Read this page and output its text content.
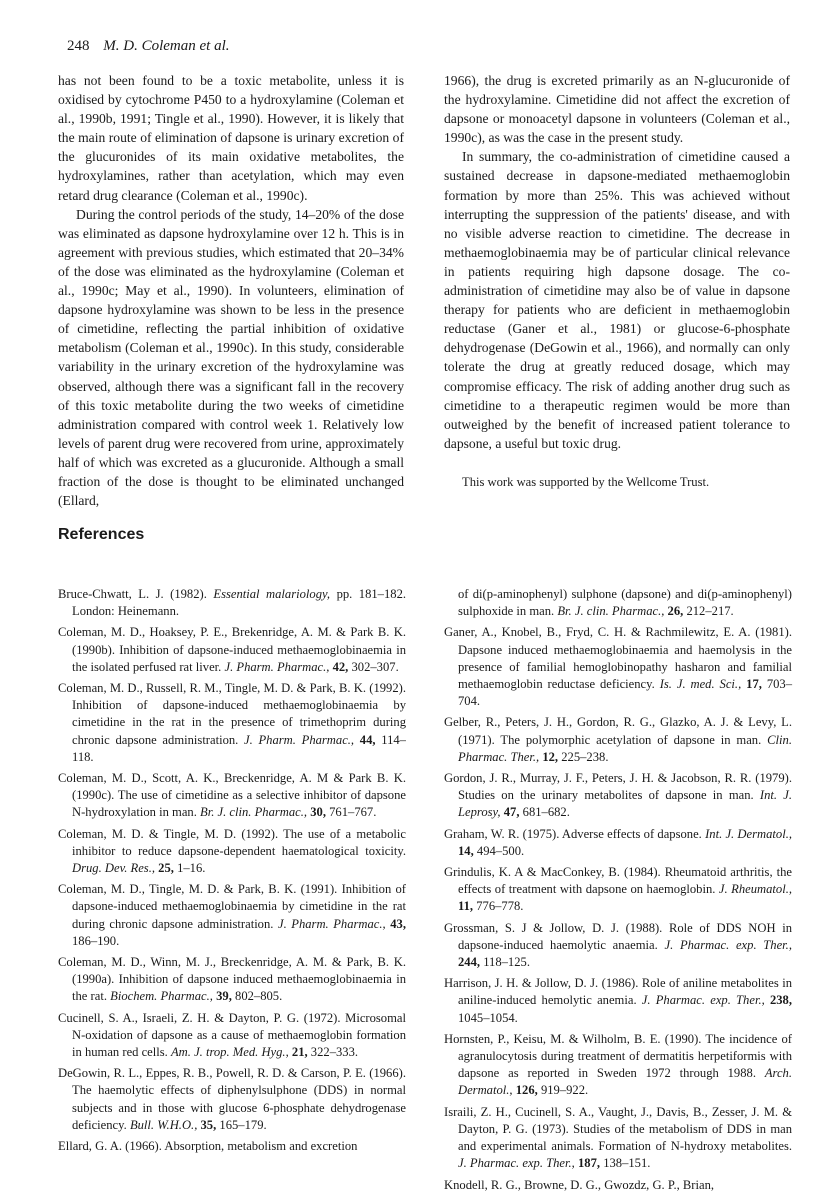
248 M. D. Coleman et al.

has not been found to be a toxic metabolite, unless it is oxidised by cytochrome P450 to a hydroxylamine (Coleman et al., 1990b, 1991; Tingle et al., 1990). However, it is likely that the main route of elimination of dapsone is urinary excretion of the glucuronides of its main oxidative metabolites, the hydroxylamines, rather than acetylation, which may even retard drug clearance (Coleman et al., 1990c).

During the control periods of the study, 14–20% of the dose was eliminated as dapsone hydroxylamine over 12 h. This is in agreement with previous studies, which estimated that 20–34% of the dose was eliminated as the hydroxylamine (Coleman et al., 1990c; May et al., 1990). In volunteers, elimination of dapsone hydroxylamine was shown to be less in the presence of cimetidine, reflecting the partial inhibition of oxidative metabolism (Coleman et al., 1990c). In this study, considerable variability in the urinary excretion of the hydroxylamine was observed, although there was a significant fall in the recovery of this toxic metabolite during the two weeks of cimetidine administration compared with control week 1. Relatively low levels of parent drug were recovered from urine, approximately half of which was excreted as a glucuronide. Although a small fraction of the dose is thought to be eliminated unchanged (Ellard,

1966), the drug is excreted primarily as an N-glucuronide of the hydroxylamine. Cimetidine did not affect the excretion of dapsone or monoacetyl dapsone in volunteers (Coleman et al., 1990c), as was the case in the present study.

In summary, the co-administration of cimetidine caused a sustained decrease in dapsone-mediated methaemoglobin formation by more than 25%. This was achieved without interrupting the suppression of the patients' disease, and with no visible adverse reaction to cimetidine. The decrease in methaemoglobinaemia may be of particular clinical relevance in patients requiring high dapsone dosage. The co-administration of cimetidine may also be of value in dapsone therapy for patients who are deficient in methaemoglobin reductase (Ganer et al., 1981) or glucose-6-phosphate dehydrogenase (DeGowin et al., 1966), and normally can only tolerate the drug at greatly reduced dosage, which may compromise efficacy. The risk of adding another drug such as cimetidine to a therapeutic regimen would be more than outweighed by the benefit of increased patient tolerance to dapsone, a useful but toxic drug.

This work was supported by the Wellcome Trust.

References
Bruce-Chwatt, L. J. (1982). Essential malariology, pp. 181–182. London: Heinemann.
Coleman, M. D., Hoaksey, P. E., Brekenridge, A. M. & Park B. K. (1990b). Inhibition of dapsone-induced methaemoglobinaemia in the isolated perfused rat liver. J. Pharm. Pharmac., 42, 302–307.
Coleman, M. D., Russell, R. M., Tingle, M. D. & Park, B. K. (1992). Inhibition of dapsone-induced methaemoglobinaemia by cimetidine in the rat in the presence of trimethoprim during chronic dapsone administration. J. Pharm. Pharmac., 44, 114–118.
Coleman, M. D., Scott, A. K., Breckenridge, A. M & Park B. K. (1990c). The use of cimetidine as a selective inhibitor of dapsone N-hydroxylation in man. Br. J. clin. Pharmac., 30, 761–767.
Coleman, M. D. & Tingle, M. D. (1992). The use of a metabolic inhibitor to reduce dapsone-dependent haematological toxicity. Drug. Dev. Res., 25, 1–16.
Coleman, M. D., Tingle, M. D. & Park, B. K. (1991). Inhibition of dapsone-induced methaemoglobinaemia by cimetidine in the rat during chronic dapsone administration. J. Pharm. Pharmac., 43, 186–190.
Coleman, M. D., Winn, M. J., Breckenridge, A. M. & Park, B. K. (1990a). Inhibition of dapsone induced methaemoglobinaemia in the rat. Biochem. Pharmac., 39, 802–805.
Cucinell, S. A., Israeli, Z. H. & Dayton, P. G. (1972). Microsomal N-oxidation of dapsone as a cause of methaemoglobin formation in human red cells. Am. J. trop. Med. Hyg., 21, 322–333.
DeGowin, R. L., Eppes, R. B., Powell, R. D. & Carson, P. E. (1966). The haemolytic effects of diphenylsulphone (DDS) in normal subjects and in those with glucose 6-phosphate dehydrogenase deficiency. Bull. W.H.O., 35, 165–179.
Ellard, G. A. (1966). Absorption, metabolism and excretion
of di(p-aminophenyl) sulphone (dapsone) and di(p-aminophenyl) sulphoxide in man. Br. J. clin. Pharmac., 26, 212–217.
Ganer, A., Knobel, B., Fryd, C. H. & Rachmilewitz, E. A. (1981). Dapsone induced methaemoglobinaemia and haemolysis in the presence of familial hemoglobinopathy hasharon and familial methaemoglobin reductase deficiency. Is. J. med. Sci., 17, 703–704.
Gelber, R., Peters, J. H., Gordon, R. G., Glazko, A. J. & Levy, L. (1971). The polymorphic acetylation of dapsone in man. Clin. Pharmac. Ther., 12, 225–238.
Gordon, J. R., Murray, J. F., Peters, J. H. & Jacobson, R. R. (1979). Studies on the urinary metabolites of dapsone in man. Int. J. Leprosy, 47, 681–682.
Graham, W. R. (1975). Adverse effects of dapsone. Int. J. Dermatol., 14, 494–500.
Grindulis, K. A & MacConkey, B. (1984). Rheumatoid arthritis, the effects of treatment with dapsone on haemoglobin. J. Rheumatol., 11, 776–778.
Grossman, S. J & Jollow, D. J. (1988). Role of DDS NOH in dapsone-induced haemolytic anaemia. J. Pharmac. exp. Ther., 244, 118–125.
Harrison, J. H. & Jollow, D. J. (1986). Role of aniline metabolites in aniline-induced hemolytic anemia. J. Pharmac. exp. Ther., 238, 1045–1054.
Hornsten, P., Keisu, M. & Wilholm, B. E. (1990). The incidence of agranulocytosis during treatment of dermatitis herpetiformis with dapsone as reported in Sweden 1972 through 1988. Arch. Dermatol., 126, 919–922.
Israili, Z. H., Cucinell, S. A., Vaught, J., Davis, B., Zesser, J. M. & Dayton, P. G. (1973). Studies of the metabolism of DDS in man and experimental animals. Formation of N-hydroxy metabolites. J. Pharmac. exp. Ther., 187, 138–151.
Knodell, R. G., Browne, D. G., Gwozdz, G. P., Brian,
